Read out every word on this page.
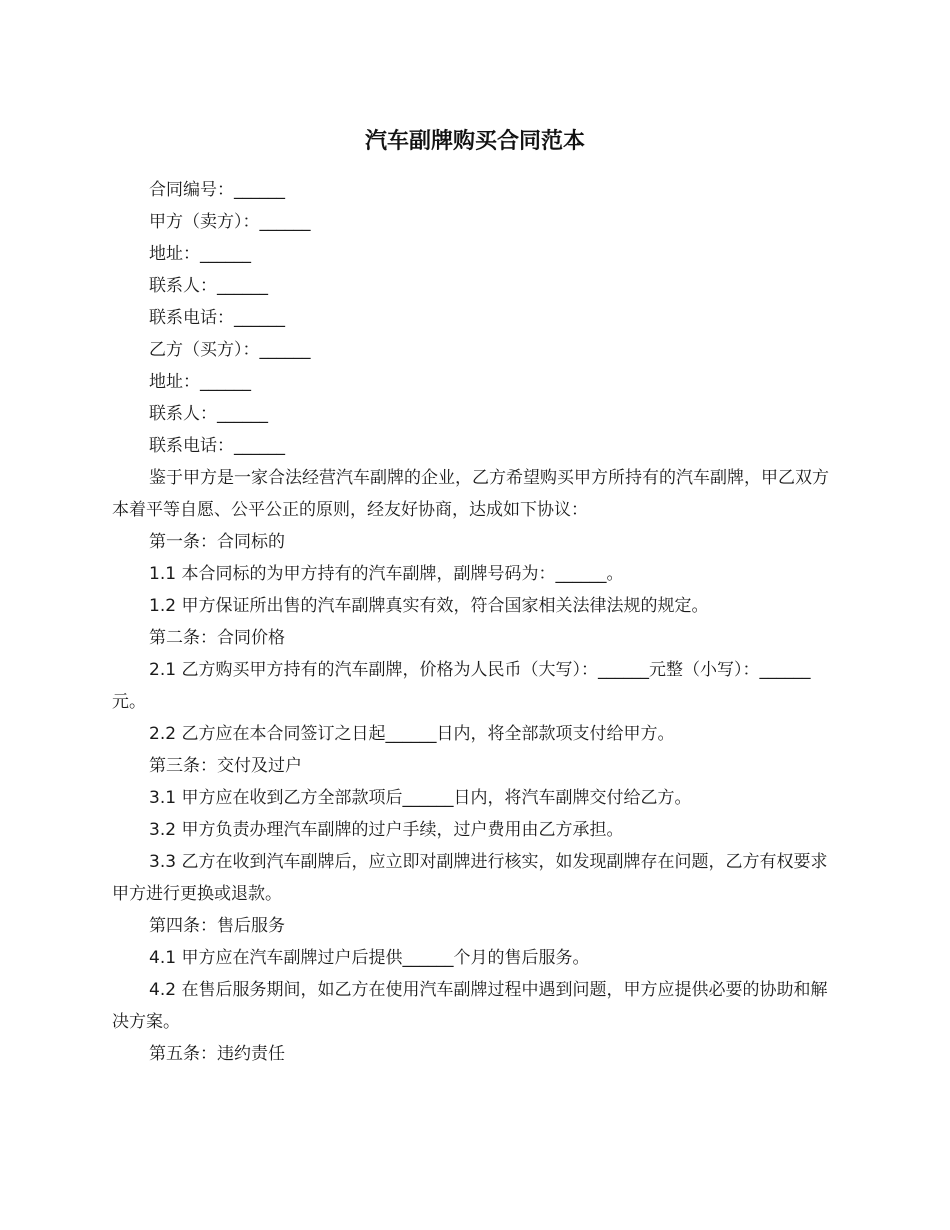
汽车副牌购买合同范本

合同编号：______

甲方（卖方）：______

地址：______

联系人：______

联系电话：______

乙方（买方）：______

地址：______

联系人：______

联系电话：______

鉴于甲方是一家合法经营汽车副牌的企业，乙方希望购买甲方所持有的汽车副牌，甲乙双方本着平等自愿、公平公正的原则，经友好协商，达成如下协议：

第一条：合同标的

1.1 本合同标的为甲方持有的汽车副牌，副牌号码为：______。

1.2 甲方保证所出售的汽车副牌真实有效，符合国家相关法律法规的规定。

第二条：合同价格

2.1 乙方购买甲方持有的汽车副牌，价格为人民币（大写）：______元整（小写）：______元。

2.2 乙方应在本合同签订之日起______日内，将全部款项支付给甲方。

第三条：交付及过户

3.1 甲方应在收到乙方全部款项后______日内，将汽车副牌交付给乙方。

3.2 甲方负责办理汽车副牌的过户手续，过户费用由乙方承担。

3.3 乙方在收到汽车副牌后，应立即对副牌进行核实，如发现副牌存在问题，乙方有权要求甲方进行更换或退款。

第四条：售后服务

4.1 甲方应在汽车副牌过户后提供______个月的售后服务。

4.2 在售后服务期间，如乙方在使用汽车副牌过程中遇到问题，甲方应提供必要的协助和解决方案。

第五条：违约责任
